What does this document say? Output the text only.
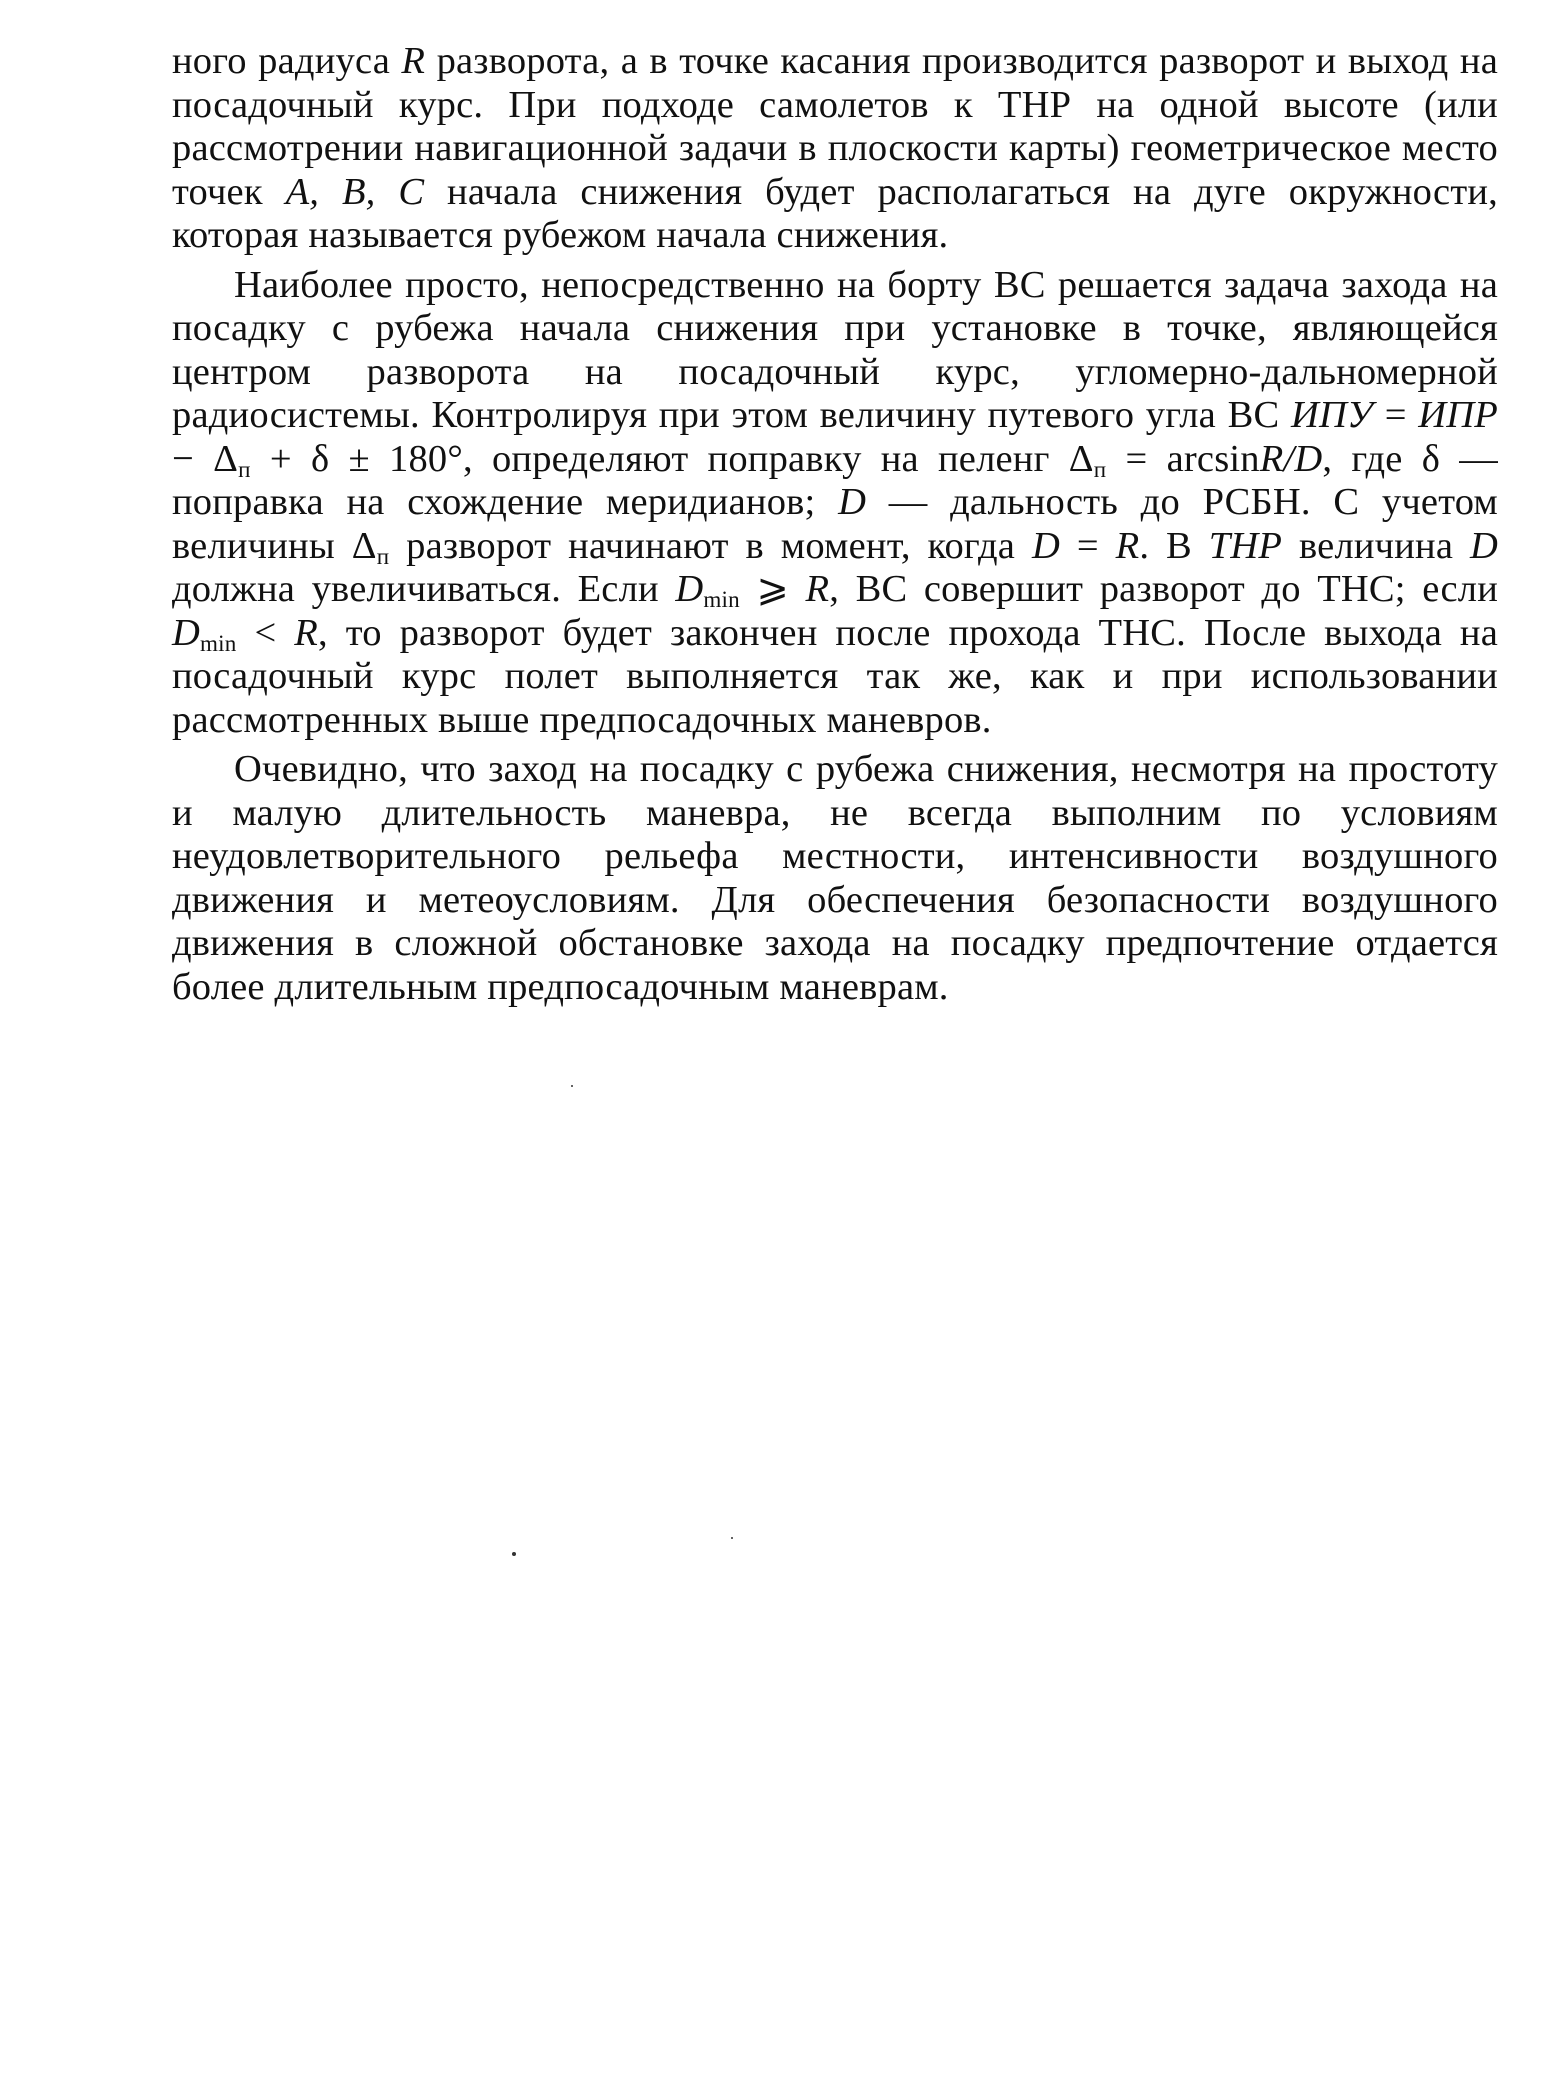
ного радиуса R разворота, а в точке касания производится разворот и выход на посадочный курс. При подходе самолетов к ТНР на одной высоте (или рассмотрении навигационной задачи в плоскости карты) геометрическое место точек А, В, С начала снижения будет располагаться на дуге окружности, которая называется рубежом начала снижения.

Наиболее просто, непосредственно на борту ВС решается задача захода на посадку с рубежа начала снижения при установке в точке, являющейся центром разворота на посадочный курс, угломерно-дальномерной радиосистемы. Контролируя при этом величину путевого угла ВС ИПУ = ИПР − $\Delta_п + \delta \pm 180^\circ$, определяют поправку на пеленг $\Delta_п = \arcsin R/D$, где δ — поправка на схождение меридианов; D — дальность до РСБН. С учетом величины $\Delta_п$ разворот начинают в момент, когда D = R. В ТНР величина D должна увеличиваться. Если $D_{min}$ ⩾ R, ВС совершит разворот до ТНС; если $D_{min} < R$, то разворот будет закончен после прохода ТНС. После выхода на посадочный курс полет выполняется так же, как и при использовании рассмотренных выше предпосадочных маневров.

Очевидно, что заход на посадку с рубежа снижения, несмотря на простоту и малую длительность маневра, не всегда выполним по условиям неудовлетворительного рельефа местности, интенсивности воздушного движения и метеоусловиям. Для обеспечения безопасности воздушного движения в сложной обстановке захода на посадку предпочтение отдается более длительным предпосадочным маневрам.
